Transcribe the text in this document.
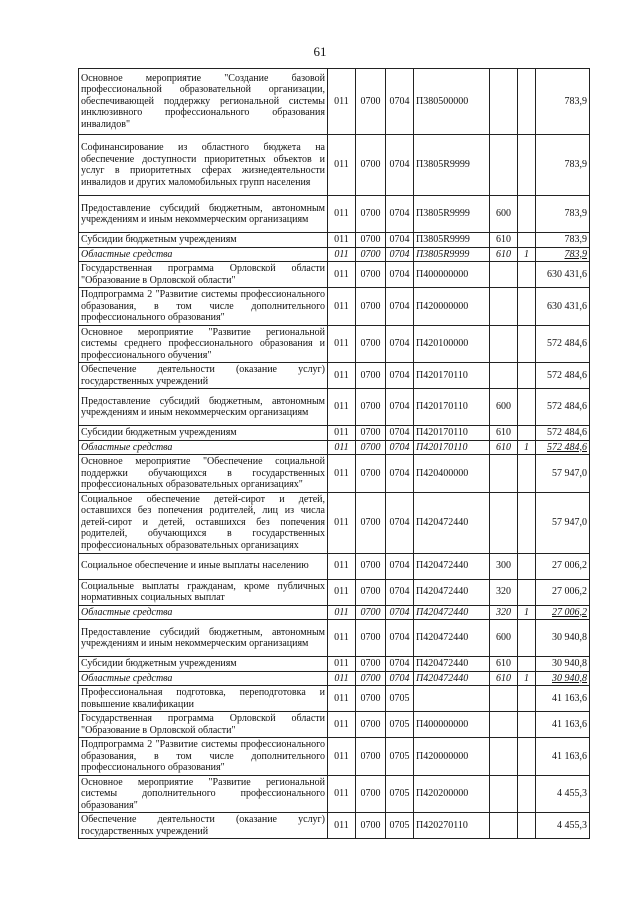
61
Основное мероприятие "Создание базовой профессиональной образовательной организации, обеспечивающей поддержку региональной системы инклюзивного профессионального образования инвалидов"	011	0700	0704	П380500000			783,9
Софинансирование из областного бюджета на обеспечение доступности приоритетных объектов и услуг в приоритетных сферах жизнедеятельности инвалидов и других маломобильных групп населения	011	0700	0704	П3805R9999			783,9
Предоставление субсидий бюджетным, автономным учреждениям и иным некоммерческим организациям	011	0700	0704	П3805R9999	600		783,9
Субсидии бюджетным учреждениям	011	0700	0704	П3805R9999	610		783,9
Областные средства	011	0700	0704	П3805R9999	610	1	783,9
Государственная программа Орловской области "Образование в Орловской области"	011	0700	0704	П400000000			630 431,6
Подпрограмма 2 "Развитие системы профессионального образования, в том числе дополнительного профессионального образования"	011	0700	0704	П420000000			630 431,6
Основное мероприятие "Развитие региональной системы среднего профессионального образования и профессионального обучения"	011	0700	0704	П420100000			572 484,6
Обеспечение деятельности (оказание услуг) государственных учреждений	011	0700	0704	П420170110			572 484,6
Предоставление субсидий бюджетным, автономным учреждениям и иным некоммерческим организациям	011	0700	0704	П420170110	600		572 484,6
Субсидии бюджетным учреждениям	011	0700	0704	П420170110	610		572 484,6
Областные средства	011	0700	0704	П420170110	610	1	572 484,6
Основное мероприятие "Обеспечение социальной поддержки обучающихся в государственных профессиональных образовательных организациях"	011	0700	0704	П420400000			57 947,0
Социальное обеспечение детей-сирот и детей, оставшихся без попечения родителей, лиц из числа детей-сирот и детей, оставшихся без попечения родителей, обучающихся в государственных профессиональных образовательных организациях	011	0700	0704	П420472440			57 947,0
Социальное обеспечение и иные выплаты населению	011	0700	0704	П420472440	300		27 006,2
Социальные выплаты гражданам, кроме публичных нормативных социальных выплат	011	0700	0704	П420472440	320		27 006,2
Областные средства	011	0700	0704	П420472440	320	1	27 006,2
Предоставление субсидий бюджетным, автономным учреждениям и иным некоммерческим организациям	011	0700	0704	П420472440	600		30 940,8
Субсидии бюджетным учреждениям	011	0700	0704	П420472440	610		30 940,8
Областные средства	011	0700	0704	П420472440	610	1	30 940,8
Профессиональная подготовка, переподготовка и повышение квалификации	011	0700	0705				41 163,6
Государственная программа Орловской области "Образование в Орловской области"	011	0700	0705	П400000000			41 163,6
Подпрограмма 2 "Развитие системы профессионального образования, в том числе дополнительного профессионального образования"	011	0700	0705	П420000000			41 163,6
Основное мероприятие "Развитие региональной системы дополнительного профессионального образования"	011	0700	0705	П420200000			4 455,3
Обеспечение деятельности (оказание услуг) государственных учреждений	011	0700	0705	П420270110			4 455,3
